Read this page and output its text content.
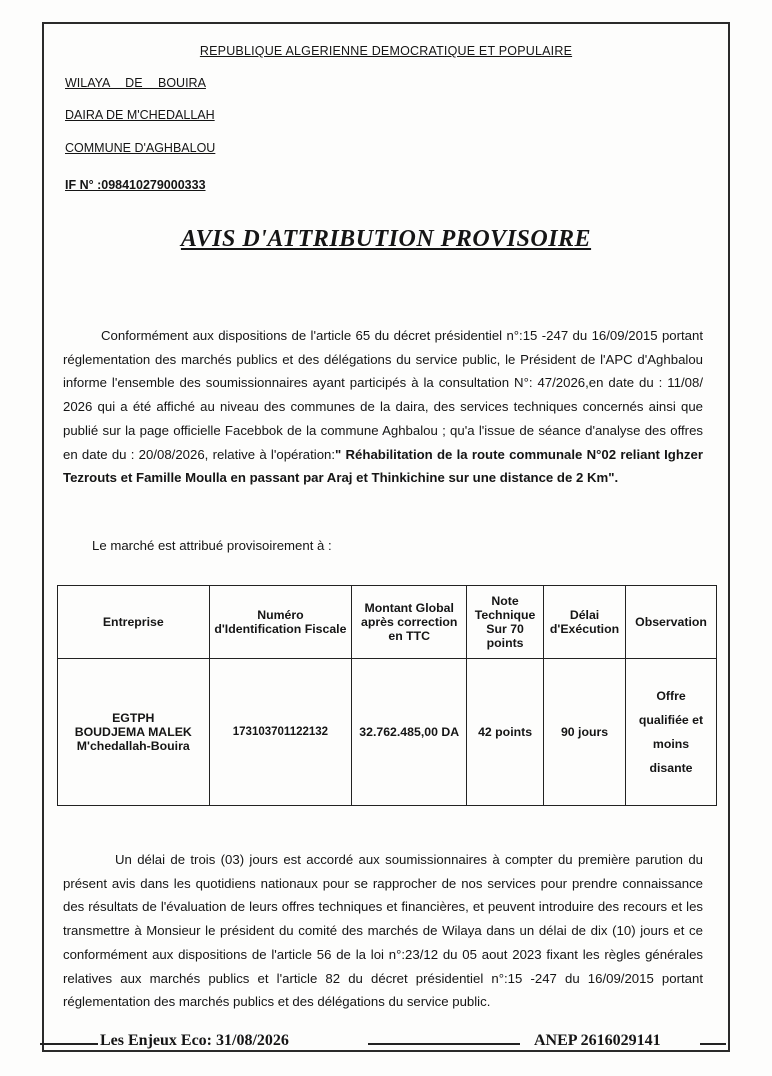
REPUBLIQUE ALGERIENNE DEMOCRATIQUE ET POPULAIRE
WILAYA DE BOUIRA
DAIRA DE M'CHEDALLAH
COMMUNE D'AGHBALOU
IF N° :098410279000333
AVIS D'ATTRIBUTION PROVISOIRE
Conformément aux dispositions de l'article 65 du décret présidentiel n°:15 -247 du 16/09/2015 portant réglementation des marchés publics et des délégations du service public, le Président de l'APC d'Aghbalou informe l'ensemble des soumissionnaires ayant participés à la consultation N°: 47/2026,en date du : 11/08/ 2026 qui a été affiché au niveau des communes de la daira, des services techniques concernés ainsi que publié sur la page officielle Facebbok de la commune Aghbalou ; qu'a l'issue de séance d'analyse des offres en date du : 20/08/2026, relative à l'opération:" Réhabilitation de la route communale N°02 reliant Ighzer Tezrouts et Famille Moulla en passant par Araj et Thinkichine sur une distance de 2 Km".
Le marché est attribué provisoirement à :
Entreprise	Numéro d'Identification Fiscale	Montant Global après correction en TTC	Note Technique Sur 70 points	Délai d'Exécution	Observation

EGTPH
BOUDJEMA MALEK
M'chedallah-Bouira	173103701122132	32.762.485,00 DA	42 points	90 jours	Offre qualifiée et moins disante
Un délai de trois (03) jours est accordé aux soumissionnaires à compter du première parution du présent avis dans les quotidiens nationaux pour se rapprocher de nos services pour prendre connaissance des résultats de l'évaluation de leurs offres techniques et financières, et peuvent introduire des recours et les transmettre à Monsieur le président du comité des marchés de Wilaya dans un délai de dix (10) jours et ce conformément aux dispositions de l'article 56 de la loi n°:23/12 du 05 aout 2023 fixant les règles générales relatives aux marchés publics et l'article 82 du décret présidentiel n°:15 -247 du 16/09/2015 portant réglementation des marchés publics et des délégations du service public.
Les Enjeux Eco: 31/08/2026	ANEP 2616029141
